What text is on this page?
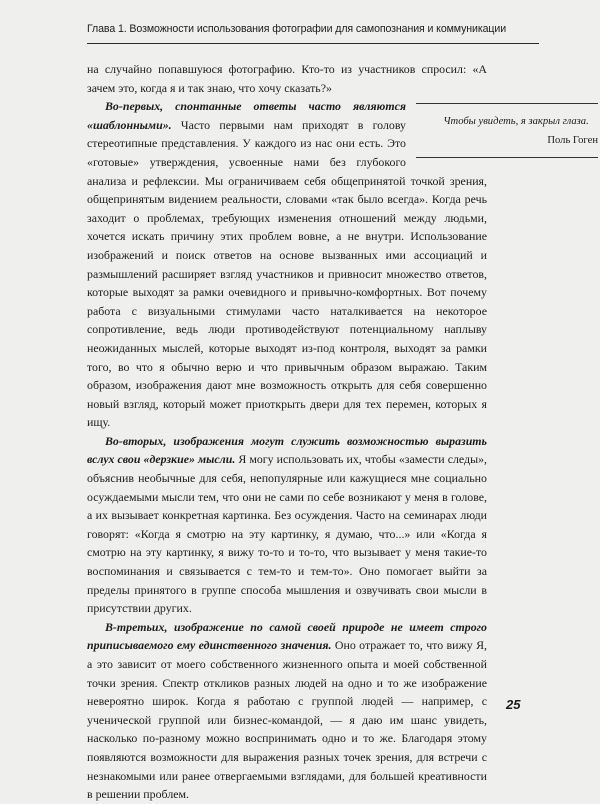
Глава 1. Возможности использования фотографии для самопознания и коммуникации

на случайно попавшуюся фотографию. Кто-то из участников спросил: «А зачем это, когда я и так знаю, что хочу сказать?»

Чтобы увидеть, я закрыл глаза.
Поль Гоген
Во-первых, спонтанные ответы часто являются «шаблонными». Часто первыми нам приходят в голову стереотипные представления. У каждого из нас они есть. Это «готовые» утверждения, усвоенные нами без глубокого анализа и рефлексии. Мы ограничиваем себя общепринятой точкой зрения, общепринятым видением реальности, словами «так было всегда». Когда речь заходит о проблемах, требующих изменения отношений между людьми, хочется искать причину этих проблем вовне, а не внутри. Использование изображений и поиск ответов на основе вызванных ими ассоциаций и размышлений расширяет взгляд участников и привносит множество ответов, которые выходят за рамки очевидного и привычно-комфортных. Вот почему работа с визуальными стимулами часто наталкивается на некоторое сопротивление, ведь люди противодействуют потенциальному наплыву неожиданных мыслей, которые выходят из-под контроля, выходят за рамки того, во что я обычно верю и что привычным образом выражаю. Таким образом, изображения дают мне возможность открыть для себя совершенно новый взгляд, который может приоткрыть двери для тех перемен, которых я ищу.

Во-вторых, изображения могут служить возможностью выразить вслух свои «дерзкие» мысли. Я могу использовать их, чтобы «замести следы», объяснив необычные для себя, непопулярные или кажущиеся мне социально осуждаемыми мысли тем, что они не сами по себе возникают у меня в голове, а их вызывает конкретная картинка. Без осуждения. Часто на семинарах люди говорят: «Когда я смотрю на эту картинку, я думаю, что...» или «Когда я смотрю на эту картинку, я вижу то-то и то-то, что вызывает у меня такие-то воспоминания и связывается с тем-то и тем-то». Оно помогает выйти за пределы принятого в группе способа мышления и озвучивать свои мысли в присутствии других.

В-третьих, изображение по самой своей природе не имеет строго приписываемого ему единственного значения. Оно отражает то, что вижу Я, а это зависит от моего собственного жизненного опыта и моей собственной точки зрения. Спектр откликов разных людей на одно и то же изображение невероятно широк. Когда я работаю с группой людей — например, с ученической группой или бизнес-командой, — я даю им шанс увидеть, насколько по-разному можно воспринимать одно и то же. Благодаря этому появляются возможности для выражения разных точек зрения, для встречи с незнакомыми или ранее отвергаемыми взглядами, для большей креативности в решении проблем.

25
